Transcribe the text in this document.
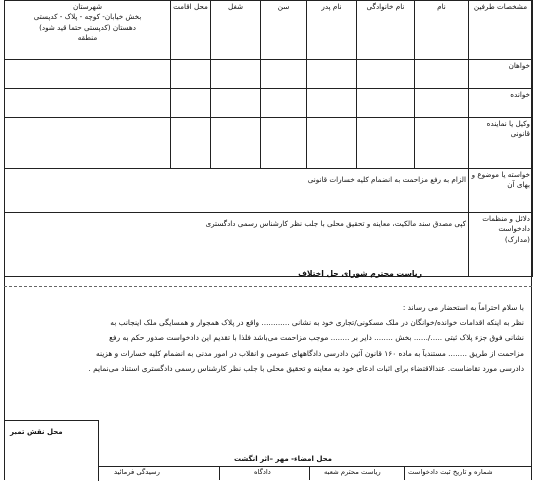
مشخصات طرفین	نام	نام خانوادگی	نام پدر	سن	شغل	محل اقامت	شهرستان
بخش خیابان- کوچه - پلاک - کدپستی
دهستان (کدپستی حتما قید شود)
منطقه

خواهان							
خوانده							
وکیل یا نماینده قانونی							
خواسته یا موضوع و بهای آن	الزام به رفع مزاحمت به انضمام کلیه خسارات قانونی						
دلائل و منظمات دادخواست (مدارک)	کپی مصدق سند مالکیت، معاینه و تحقیق محلی با جلب نظر کارشناس رسمی دادگستری						
ریاست محترم شورای حل اختلاف

با سلام احتراماً به استحضار می رساند :

نظر به اینکه اقدامات خوانده/خوانگان در ملک مسکونی/تجاری خود به نشانی ............ واقع در پلاک همجوار و همسایگی ملک اینجانب به

نشانی فوق جزء پلاک ثبتی ...../...... بخش ........ دایر بر ........ موجب مزاحمت می‌باشد فلذا با تقدیم این دادخواست صدور حکم به رفع

مزاحمت از طریق ........ مستندبآ به ماده ۱۶۰ قانون آئین دادرسی دادگاههای عمومی و انقلاب در امور مدنی به انضمام کلیه خسارات و هزینه

دادرسی مورد تقاضاست. عندالاقتضاء برای اثبات ادعای خود به معاینه و تحقیق محلی با جلب نظر کارشناس رسمی دادگستری استناد می‌نمایم .

محل نقش تمبر
محل امضاء- مهر –اثر انگشت
شماره و تاریخ ثبت دادخواست
ریاست محترم شعبه
دادگاه
رسیدگی فرمائید
